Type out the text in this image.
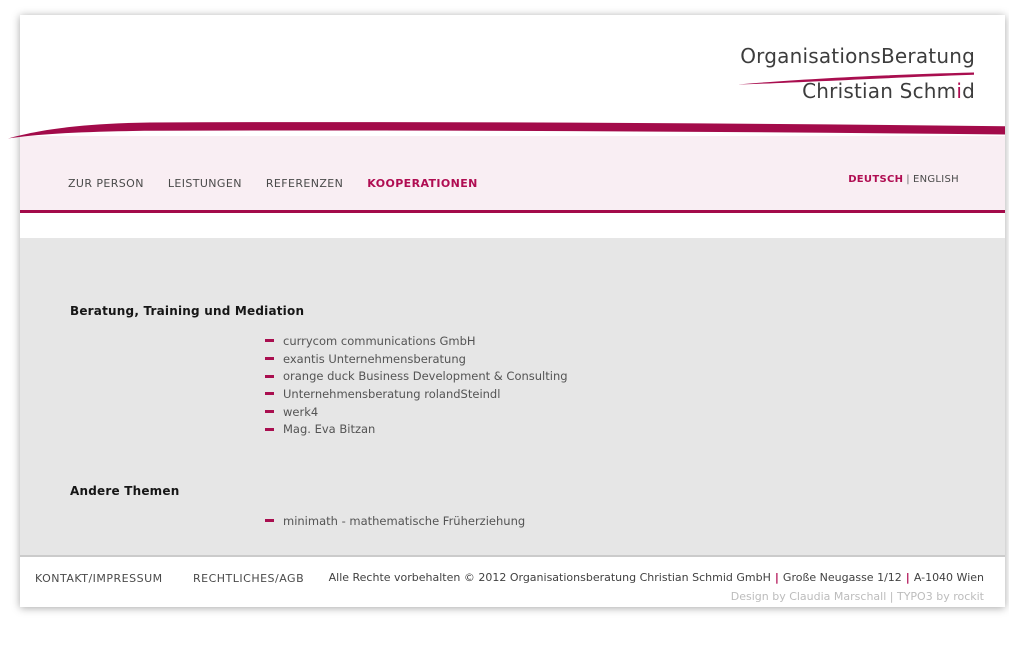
OrganisationsBeratung
Christian Schmid
ZUR PERSON LEISTUNGEN REFERENZEN KOOPERATIONEN	DEUTSCH | ENGLISH
Beratung, Training und Mediation
currycom communications GmbH
exantis Unternehmensberatung
orange duck Business Development & Consulting
Unternehmensberatung rolandSteindl
werk4
Mag. Eva Bitzan
Andere Themen
minimath - mathematische Früherziehung
KONTAKT/IMPRESSUM	RECHTLICHES/AGB Alle Rechte vorbehalten © 2012 Organisationsberatung Christian Schmid GmbH | Große Neugasse 1/12 | A-1040 Wien
Design by Claudia Marschall | TYPO3 by rockit
